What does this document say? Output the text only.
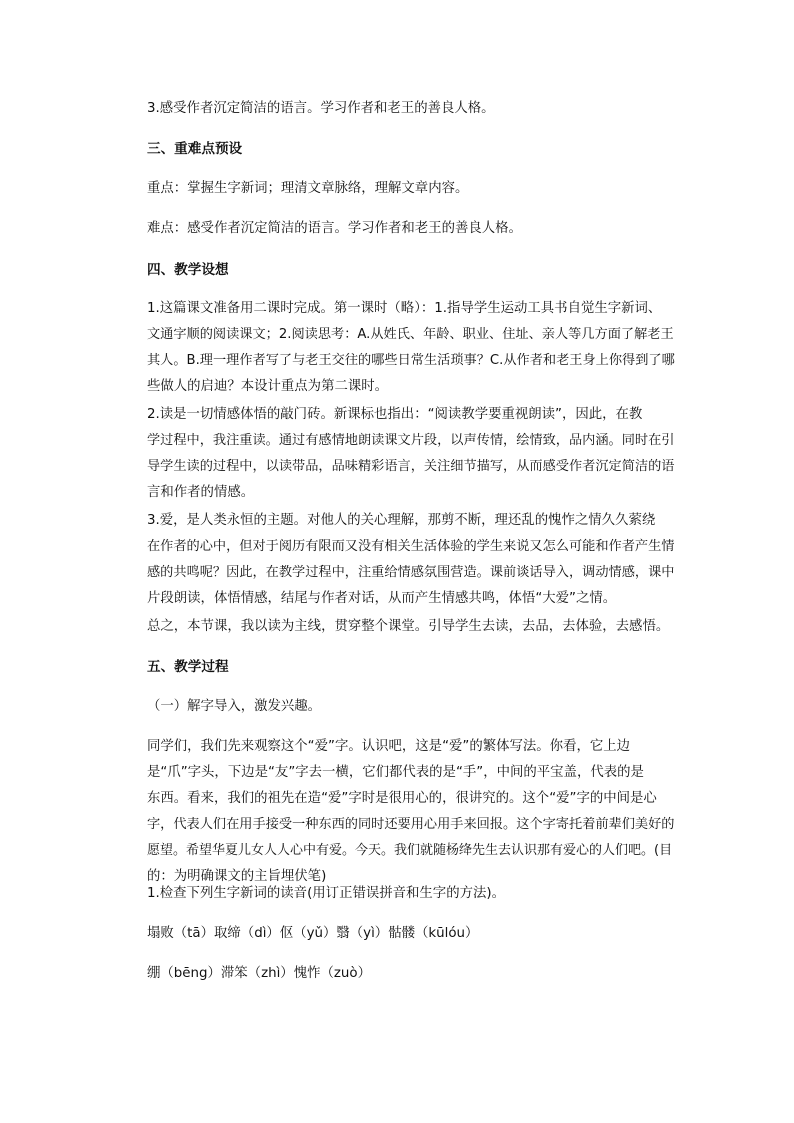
3.感受作者沉定简洁的语言。学习作者和老王的善良人格。

三、重难点预设

重点：掌握生字新词；理清文章脉络，理解文章内容。

难点：感受作者沉定简洁的语言。学习作者和老王的善良人格。

四、教学设想

1.这篇课文准备用二课时完成。第一课时（略）：1.指导学生运动工具书自觉生字新词、
文通字顺的阅读课文；2.阅读思考：A.从姓氏、年龄、职业、住址、亲人等几方面了解老王
其人。B.理一理作者写了与老王交往的哪些日常生活琐事？C.从作者和老王身上你得到了哪
些做人的启迪？本设计重点为第二课时。
2.读是一切情感体悟的敲门砖。新课标也指出：“阅读教学要重视朗读”，因此，在教
学过程中，我注重读。通过有感情地朗读课文片段，以声传情，绘情致，品内涵。同时在引
导学生读的过程中，以读带品，品味精彩语言，关注细节描写，从而感受作者沉定简洁的语
言和作者的情感。
3.爱，是人类永恒的主题。对他人的关心理解，那剪不断，理还乱的愧怍之情久久萦绕
在作者的心中，但对于阅历有限而又没有相关生活体验的学生来说又怎么可能和作者产生情
感的共鸣呢？因此，在教学过程中，注重给情感氛围营造。课前谈话导入，调动情感，课中
片段朗读，体悟情感，结尾与作者对话，从而产生情感共鸣，体悟“大爱”之情。

总之，本节课，我以读为主线，贯穿整个课堂。引导学生去读，去品，去体验，去感悟。

五、教学过程

（一）解字导入，激发兴趣。

同学们，我们先来观察这个“爱”字。认识吧，这是“爱”的繁体写法。你看，它上边
是“爪”字头，下边是“友”字去一横，它们都代表的是“手”，中间的平宝盖，代表的是
东西。看来，我们的祖先在造“爱”字时是很用心的，很讲究的。这个“爱”字的中间是心
字，代表人们在用手接受一种东西的同时还要用心用手来回报。这个字寄托着前辈们美好的
愿望。希望华夏儿女人人心中有爱。今天。我们就随杨绛先生去认识那有爱心的人们吧。(目
的：为明确课文的主旨埋伏笔)

1.检查下列生字新词的读音(用订正错误拼音和生字的方法)。

塌败（tā）取缔（dì）伛（yǔ）翳（yì）骷髅（kūlóu）

绷（bēng）滞笨（zhì）愧怍（zuò）
